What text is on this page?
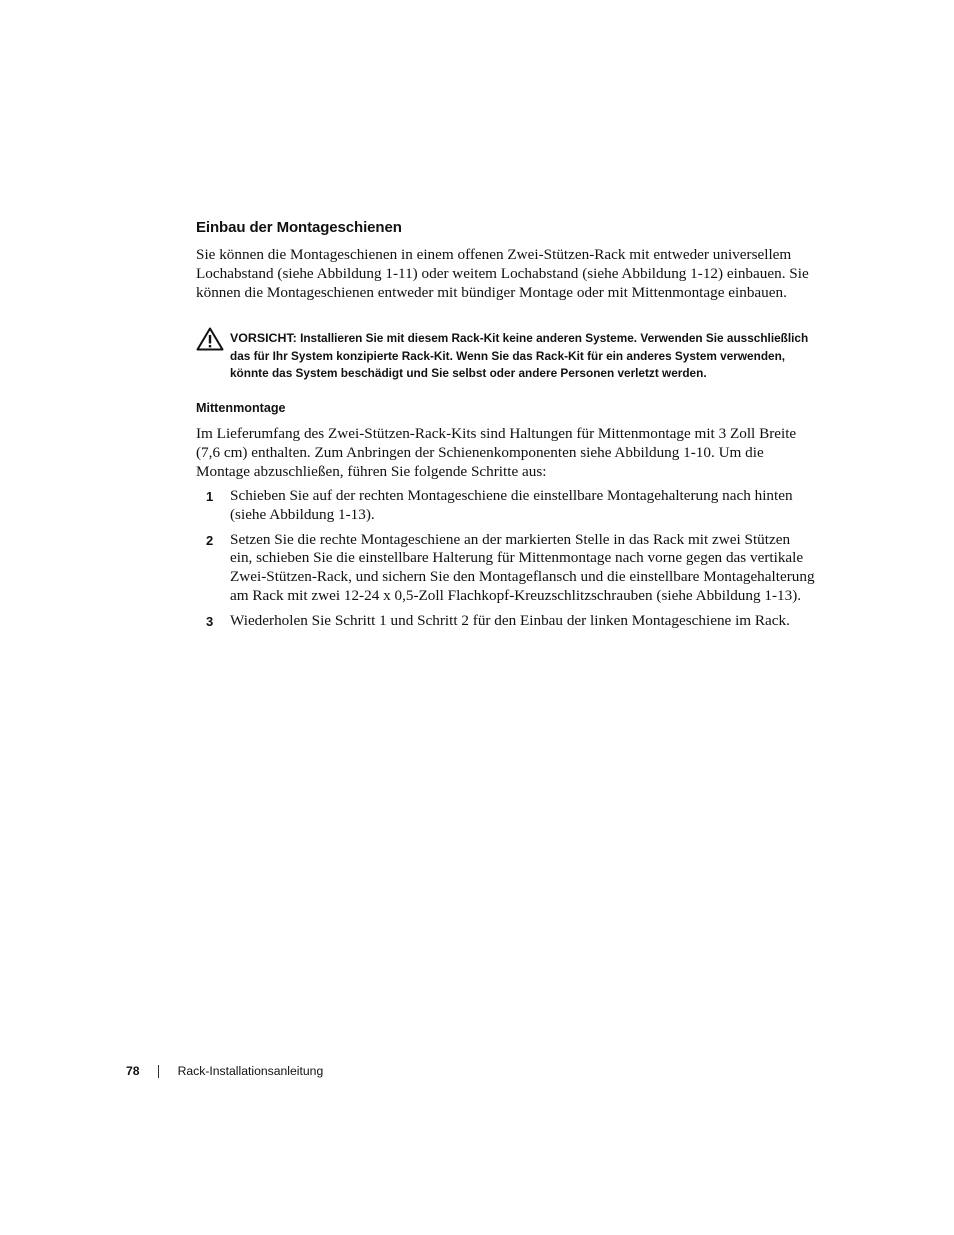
Einbau der Montageschienen

Sie können die Montageschienen in einem offenen Zwei-Stützen-Rack mit entweder universellem Lochabstand (siehe Abbildung 1-11) oder weitem Lochabstand (siehe Abbildung 1-12) einbauen. Sie können die Montageschienen entweder mit bündiger Montage oder mit Mittenmontage einbauen.

VORSICHT: Installieren Sie mit diesem Rack-Kit keine anderen Systeme. Verwenden Sie ausschließlich das für Ihr System konzipierte Rack-Kit. Wenn Sie das Rack-Kit für ein anderes System verwenden, könnte das System beschädigt und Sie selbst oder andere Personen verletzt werden.
Mittenmontage

Im Lieferumfang des Zwei-Stützen-Rack-Kits sind Haltungen für Mittenmontage mit 3 Zoll Breite (7,6 cm) enthalten. Zum Anbringen der Schienenkomponenten siehe Abbildung 1-10. Um die Montage abzuschließen, führen Sie folgende Schritte aus:

1 Schieben Sie auf der rechten Montageschiene die einstellbare Montagehalterung nach hinten (siehe Abbildung 1-13).
2 Setzen Sie die rechte Montageschiene an der markierten Stelle in das Rack mit zwei Stützen ein, schieben Sie die einstellbare Halterung für Mittenmontage nach vorne gegen das vertikale Zwei-Stützen-Rack, und sichern Sie den Montageflansch und die einstellbare Montagehalterung am Rack mit zwei 12-24 x 0,5-Zoll Flachkopf-Kreuzschlitzschrauben (siehe Abbildung 1-13).
3 Wiederholen Sie Schritt 1 und Schritt 2 für den Einbau der linken Montageschiene im Rack.
78	Rack-Installationsanleitung
